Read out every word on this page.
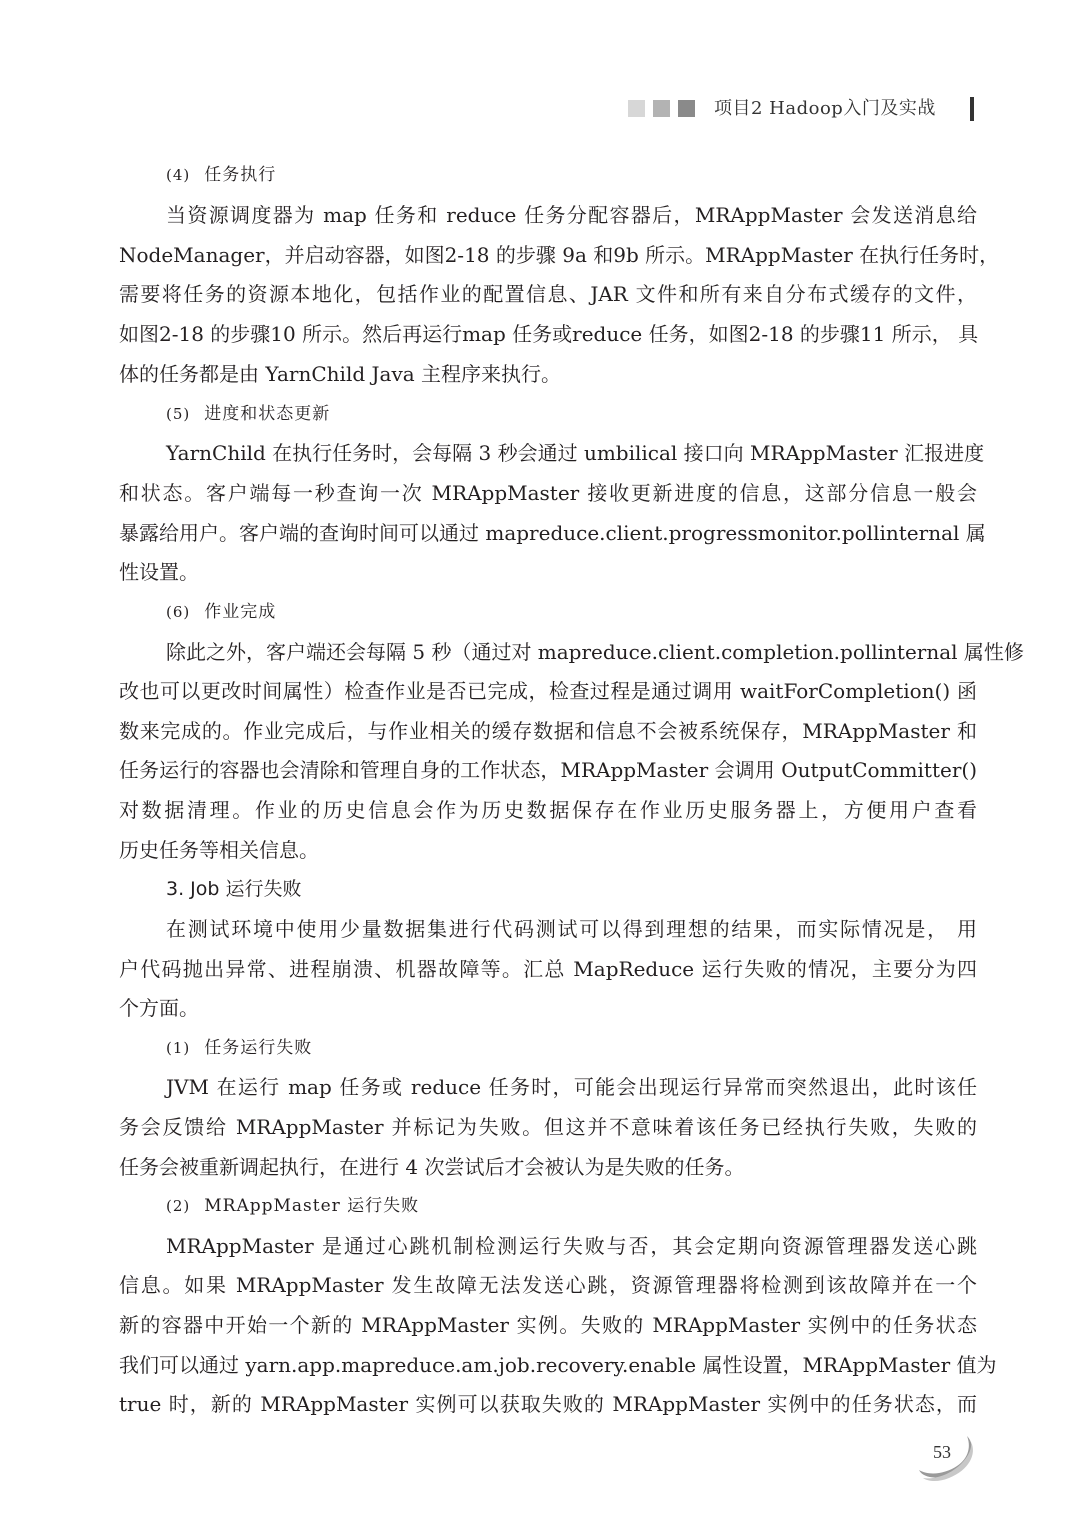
项目2 Hadoop入门及实战
(4) 任务执行
当资源调度器为 map 任务和 reduce 任务分配容器后，MRAppMaster 会发送消息给
NodeManager，并启动容器，如图2-18 的步骤 9a 和9b 所示。MRAppMaster 在执行任务时，
需要将任务的资源本地化，包括作业的配置信息、JAR 文件和所有来自分布式缓存的文件，
如图2-18 的步骤10 所示。然后再运行map 任务或reduce 任务，如图2-18 的步骤11 所示， 具
体的任务都是由 YarnChild Java 主程序来执行。
(5) 进度和状态更新
YarnChild 在执行任务时，会每隔 3 秒会通过 umbilical 接口向 MRAppMaster 汇报进度
和状态。客户端每一秒查询一次 MRAppMaster 接收更新进度的信息，这部分信息一般会
暴露给用户。客户端的查询时间可以通过 mapreduce.client.progressmonitor.pollinternal 属
性设置。
(6) 作业完成
除此之外，客户端还会每隔 5 秒（通过对 mapreduce.client.completion.pollinternal 属性修
改也可以更改时间属性）检查作业是否已完成，检查过程是通过调用 waitForCompletion() 函
数来完成的。作业完成后，与作业相关的缓存数据和信息不会被系统保存，MRAppMaster 和
任务运行的容器也会清除和管理自身的工作状态，MRAppMaster 会调用 OutputCommitter()
对数据清理。作业的历史信息会作为历史数据保存在作业历史服务器上，方便用户查看
历史任务等相关信息。
3. Job 运行失败
在测试环境中使用少量数据集进行代码测试可以得到理想的结果，而实际情况是， 用
户代码抛出异常、进程崩溃、机器故障等。汇总 MapReduce 运行失败的情况，主要分为四
个方面。
(1) 任务运行失败
JVM 在运行 map 任务或 reduce 任务时，可能会出现运行异常而突然退出，此时该任
务会反馈给 MRAppMaster 并标记为失败。但这并不意味着该任务已经执行失败，失败的
任务会被重新调起执行，在进行 4 次尝试后才会被认为是失败的任务。
(2) MRAppMaster 运行失败
MRAppMaster 是通过心跳机制检测运行失败与否，其会定期向资源管理器发送心跳
信息。如果 MRAppMaster 发生故障无法发送心跳，资源管理器将检测到该故障并在一个
新的容器中开始一个新的 MRAppMaster 实例。失败的 MRAppMaster 实例中的任务状态
我们可以通过 yarn.app.mapreduce.am.job.recovery.enable 属性设置，MRAppMaster 值为
true 时，新的 MRAppMaster 实例可以获取失败的 MRAppMaster 实例中的任务状态，而
53
